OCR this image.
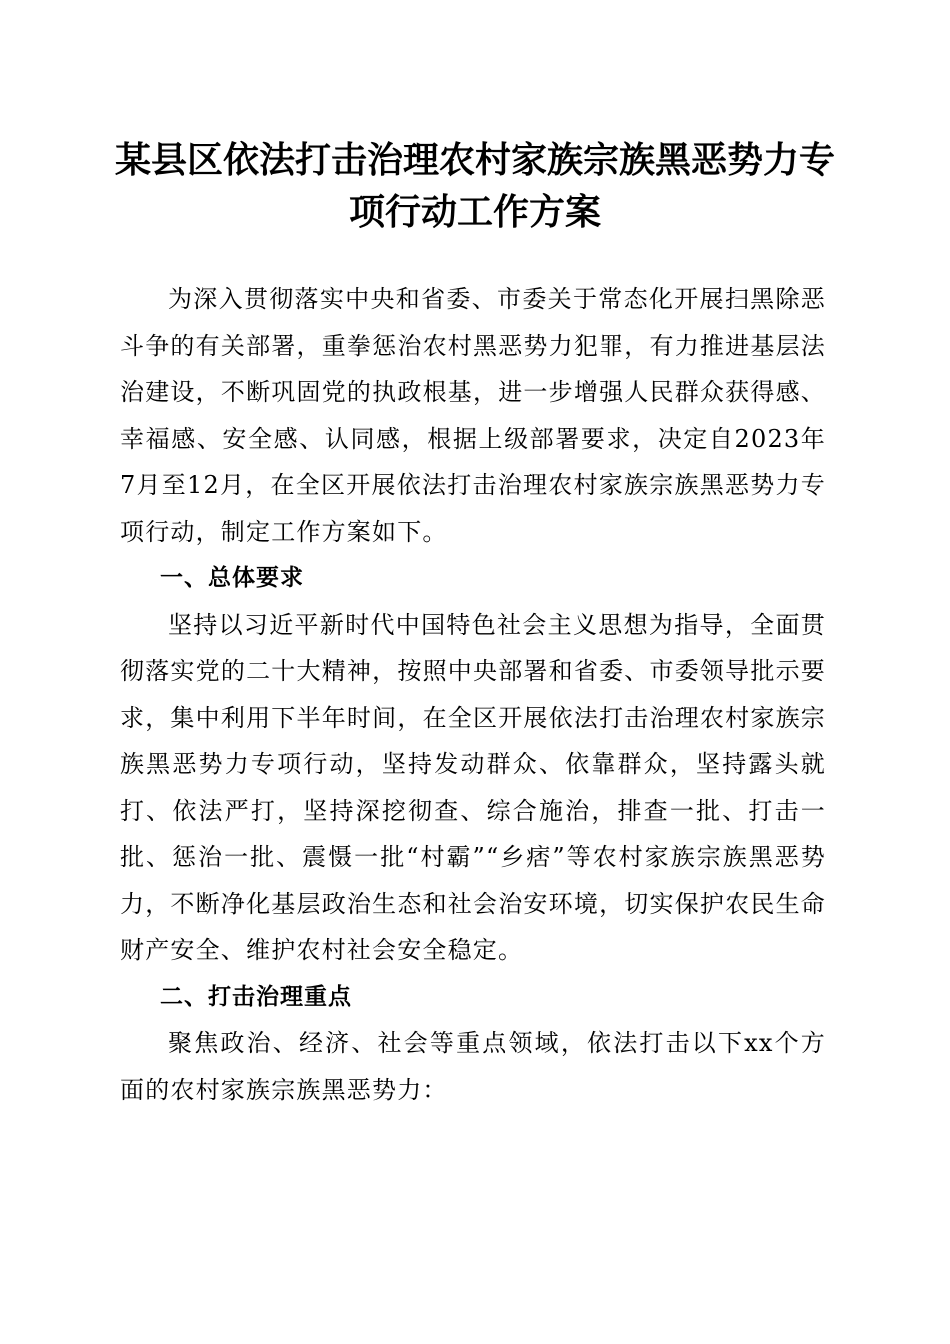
某县区依法打击治理农村家族宗族黑恶势力专
项行动工作方案

为深入贯彻落实中央和省委、市委关于常态化开展扫黑除恶斗争的有关部署，重拳惩治农村黑恶势力犯罪，有力推进基层法治建设，不断巩固党的执政根基，进一步增强人民群众获得感、幸福感、安全感、认同感，根据上级部署要求，决定自2023年7月至12月，在全区开展依法打击治理农村家族宗族黑恶势力专项行动，制定工作方案如下。

一、总体要求

坚持以习近平新时代中国特色社会主义思想为指导，全面贯彻落实党的二十大精神，按照中央部署和省委、市委领导批示要求，集中利用下半年时间，在全区开展依法打击治理农村家族宗族黑恶势力专项行动，坚持发动群众、依靠群众，坚持露头就打、依法严打，坚持深挖彻查、综合施治，排查一批、打击一批、惩治一批、震慑一批“村霸”“乡痞”等农村家族宗族黑恶势力，不断净化基层政治生态和社会治安环境，切实保护农民生命财产安全、维护农村社会安全稳定。

二、打击治理重点

聚焦政治、经济、社会等重点领域，依法打击以下xx个方面的农村家族宗族黑恶势力：
